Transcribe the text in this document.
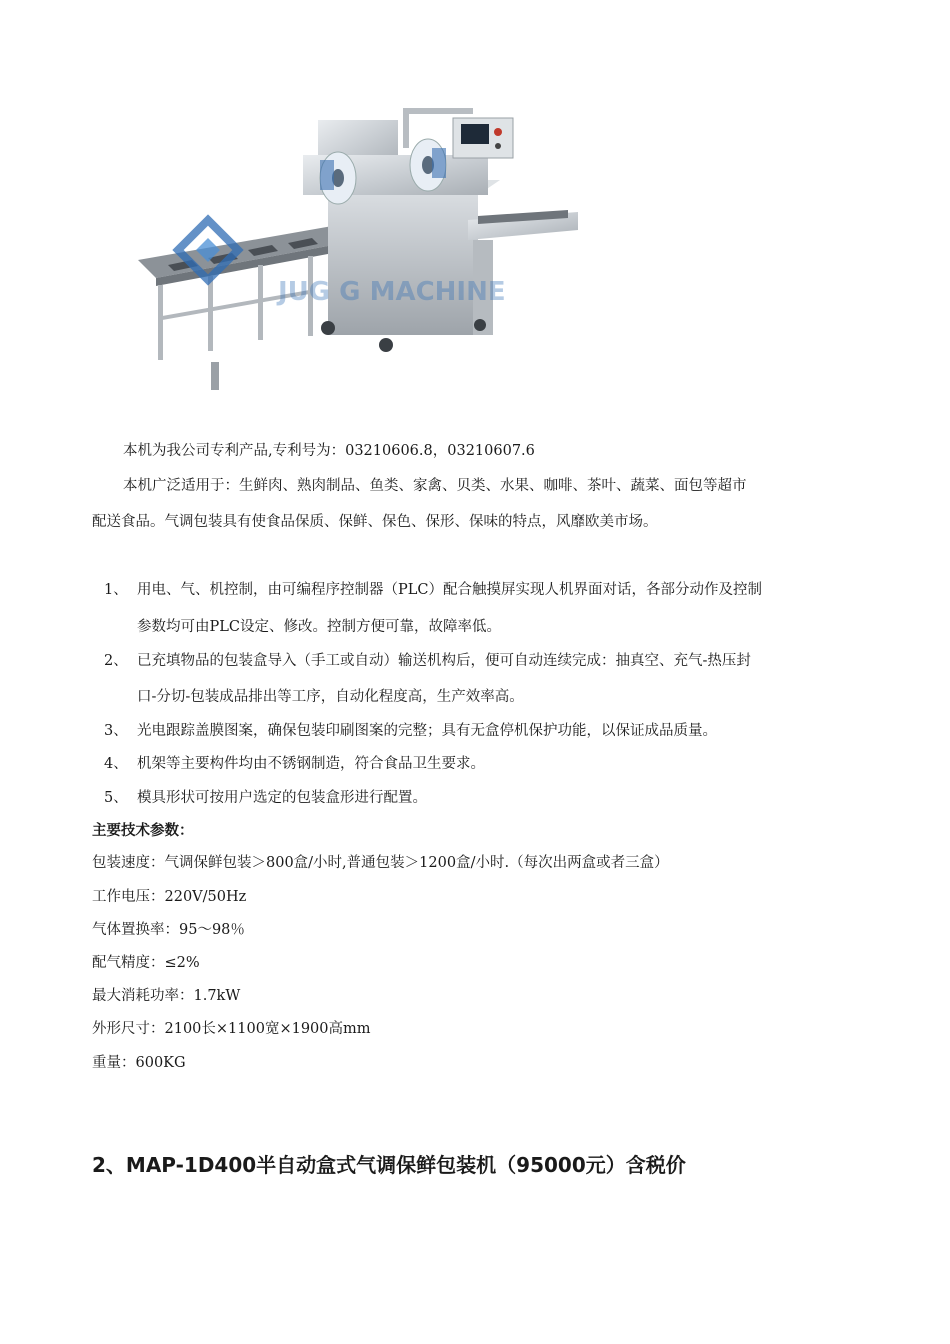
JUG G MACHINE
本机为我公司专利产品,专利号为：03210606.8，03210607.6
本机广泛适用于：生鲜肉、熟肉制品、鱼类、家禽、贝类、水果、咖啡、茶叶、蔬菜、面包等超市
配送食品。气调包装具有使食品保质、保鲜、保色、保形、保味的特点，风靡欧美市场。
1、 用电、气、机控制，由可编程序控制器（PLC）配合触摸屏实现人机界面对话，各部分动作及控制
参数均可由PLC设定、修改。控制方便可靠，故障率低。
2、 已充填物品的包装盒导入（手工或自动）输送机构后，便可自动连续完成：抽真空、充气-热压封
口-分切-包装成品排出等工序，自动化程度高，生产效率高。
3、 光电跟踪盖膜图案，确保包装印刷图案的完整；具有无盒停机保护功能，以保证成品质量。
4、 机架等主要构件均由不锈钢制造，符合食品卫生要求。
5、 模具形状可按用户选定的包装盒形进行配置。
主要技术参数：
包装速度：气调保鲜包装＞800盒/小时,普通包装＞1200盒/小时.（每次出两盒或者三盒）
工作电压：220V/50Hz
气体置换率：95～98％
配气精度：≤2%
最大消耗功率：1.7kW
外形尺寸：2100长×1100宽×1900高mm
重量：600KG
2、MAP-1D400半自动盒式气调保鲜包装机（95000元）含税价
